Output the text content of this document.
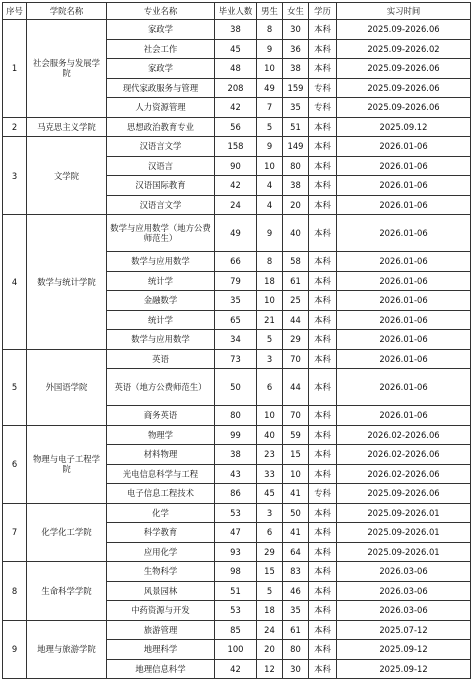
序号	学院名称	专业名称	毕业人数	男生	女生	学历	实习时间
1	社会服务与发展学院	家政学	38	8	30	本科	2025.09-2026.06
		社会工作	45	9	36	本科	2025.09-2026.02
		家政学	48	10	38	本科	2025.09-2026.06
		现代家政服务与管理	208	49	159	专科	2025.09-2026.06
		人力资源管理	42	7	35	专科	2025.09-2026.06
2	马克思主义学院	思想政治教育专业	56	5	51	本科	2025.09.12
3	文学院	汉语言文学	158	9	149	本科	2026.01-06
		汉语言	90	10	80	本科	2026.01-06
		汉语国际教育	42	4	38	本科	2026.01-06
		汉语言文学	24	4	20	本科	2026.01-06
4	数学与统计学院	数学与应用数学（地方公费师范生）	49	9	40	本科	2026.01-06
		数学与应用数学	66	8	58	本科	2026.01-06
		统计学	79	18	61	本科	2026.01-06
		金融数学	35	10	25	本科	2026.01-06
		统计学	65	21	44	本科	2026.01-06
		数学与应用数学	34	5	29	本科	2026.01-06
5	外国语学院	英语	73	3	70	本科	2026.01-06
		英语（地方公费师范生）	50	6	44	本科	2026.01-06
		商务英语	80	10	70	本科	2026.01-06
6	物理与电子工程学院	物理学	99	40	59	本科	2026.02-2026.06
		材料物理	38	23	15	本科	2026.02-2026.06
		光电信息科学与工程	43	33	10	本科	2026.02-2026.06
		电子信息工程技术	86	45	41	专科	2025.09-2026.06
7	化学化工学院	化学	53	3	50	本科	2025.09-2026.01
		科学教育	47	6	41	本科	2025.09-2026.01
		应用化学	93	29	64	本科	2025.09-2026.01
8	生命科学学院	生物科学	98	15	83	本科	2026.03-06
		风景园林	51	5	46	本科	2026.03-06
		中药资源与开发	53	18	35	本科	2026.03-06
9	地理与旅游学院	旅游管理	85	24	61	本科	2025.07-12
		地理科学	100	20	80	本科	2025.09-12
		地理信息科学	42	12	30	本科	2025.09-12
